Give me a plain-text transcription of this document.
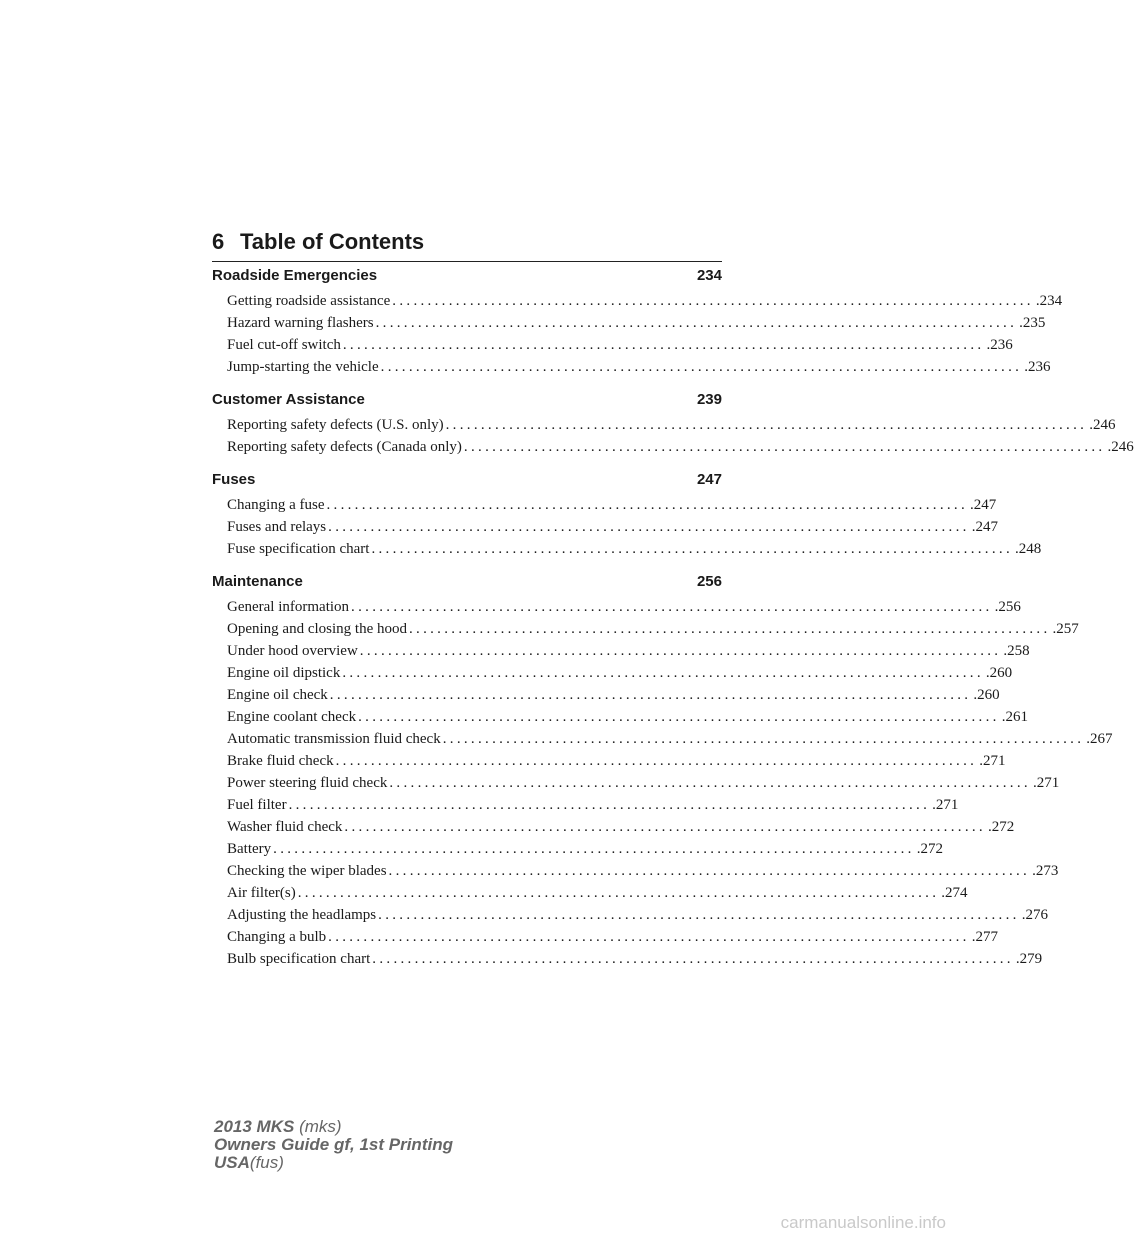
6 Table of Contents
Roadside Emergencies	234
Getting roadside assistance ........................................................................................... .234
Hazard warning flashers ........................................................................................... .235
Fuel cut-off switch ........................................................................................... .236
Jump-starting the vehicle ........................................................................................... .236
Customer Assistance	239
Reporting safety defects (U.S. only) ........................................................................................... .246
Reporting safety defects (Canada only) ........................................................................................... .246
Fuses	247
Changing a fuse ........................................................................................... .247
Fuses and relays ........................................................................................... .247
Fuse specification chart ........................................................................................... .248
Maintenance	256
General information ........................................................................................... .256
Opening and closing the hood ........................................................................................... .257
Under hood overview ........................................................................................... .258
Engine oil dipstick ........................................................................................... .260
Engine oil check ........................................................................................... .260
Engine coolant check ........................................................................................... .261
Automatic transmission fluid check ........................................................................................... .267
Brake fluid check ........................................................................................... .271
Power steering fluid check ........................................................................................... .271
Fuel filter ........................................................................................... .271
Washer fluid check ........................................................................................... .272
Battery ........................................................................................... .272
Checking the wiper blades ........................................................................................... .273
Air filter(s) ........................................................................................... .274
Adjusting the headlamps ........................................................................................... .276
Changing a bulb ........................................................................................... .277
Bulb specification chart ........................................................................................... .279
2013 MKS (mks)
Owners Guide gf, 1st Printing
USA(fus)
carmanualsonline.info
